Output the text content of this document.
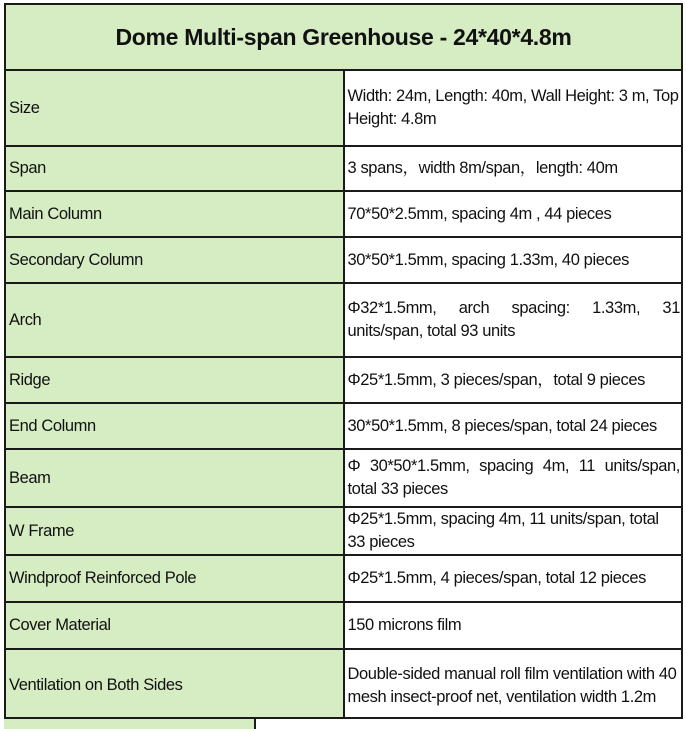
Dome Multi-span Greenhouse - 24*40*4.8m	
Size	Width: 24m, Length: 40m, Wall Height: 3 m, Top Height: 4.8m
Span	3 spans，width 8m/span，length: 40m
Main Column	70*50*2.5mm, spacing 4m , 44 pieces
Secondary Column	30*50*1.5mm, spacing 1.33m, 40 pieces
Arch	Φ32*1.5mm, arch spacing: 1.33m, 31 units/span, total 93 units
Ridge	Φ25*1.5mm, 3 pieces/span，total 9 pieces
End Column	30*50*1.5mm, 8 pieces/span, total 24 pieces
Beam	Φ 30*50*1.5mm, spacing 4m, 11 units/span, total 33 pieces
W Frame	Φ25*1.5mm, spacing 4m, 11 units/span, total 33 pieces
Windproof Reinforced Pole	Φ25*1.5mm, 4 pieces/span, total 12 pieces
Cover Material	150 microns film
Ventilation on Both Sides	Double-sided manual roll film ventilation with 40 mesh insect-proof net, ventilation width 1.2m
